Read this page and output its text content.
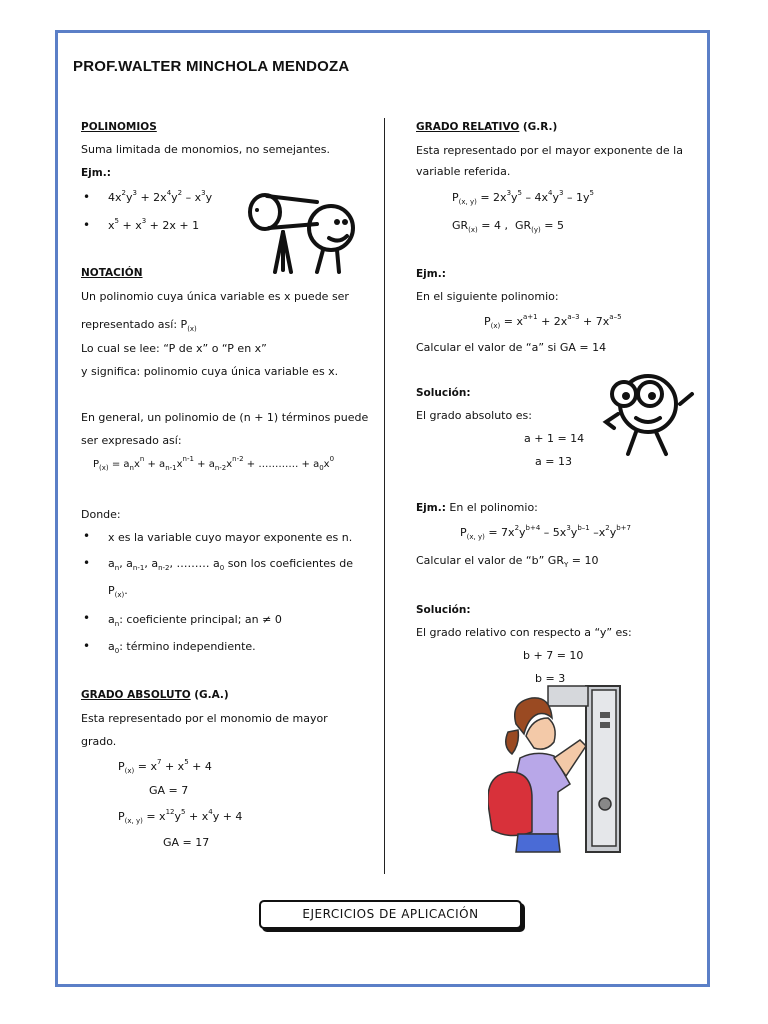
PROF.WALTER MINCHOLA MENDOZA
POLINOMIOS
Suma limitada de monomios, no semejantes.
Ejm.:
• $4x^2y^3 + 2x^4y^2 - x^3y$
• $x^5 + x^3 + 2x + 1$
NOTACIÓN
Un polinomio cuya única variable es x puede ser
representado así: $P_{(x)}$
Lo cual se lee: “P de x” o “P en x”
y significa: polinomio cuya única variable es x.
En general, un polinomio de (n + 1) términos puede
ser expresado así:
$P_{(x)} = a_nx^n + a_{n-1}x^{n-1} + a_{n-2}x^{n-2}$ + ………… + $a_0x^0$
Donde:
• x es la variable cuyo mayor exponente es n.
• $a_n$, $a_{n-1}$, $a_{n-2}$, ……… $a_0$ son los coeficientes de
$P_{(x)}$.
• $a_n$: coeficiente principal; an ≠ 0
• $a_0$: término independiente.
GRADO ABSOLUTO (G.A.)
Esta representado por el monomio de mayor
grado.
$P_{(x)} = x^7 + x^5 + 4$
GA = 7
$P_{(x, y)} = x^{12}y^5 + x^4y + 4$
GA = 17
GRADO RELATIVO (G.R.)
Esta representado por el mayor exponente de la
variable referida.
$P_{(x, y)} = 2x^3y^5 - 4x^4y^3 - 1y^5$
$GR_{(x)} = 4$ ,  $GR_{(y)} = 5$
Ejm.:
En el siguiente polinomio:
$P_{(x)} = x^{a+1} + 2x^{a-3} + 7x^{a-5}$
Calcular el valor de “a” si GA = 14
Solución:
El grado absoluto es:
a + 1 = 14
a = 13
Ejm.: En el polinomio:
$P_{(x, y)} = 7x^2y^{b+4} - 5x^3y^{b-1}$ $-x^2y^{b+7}$
Calcular el valor de “b” $GR_Y = 10$
Solución:
El grado relativo con respecto a “y” es:
b + 7 = 10
b = 3
EJERCICIOS DE APLICACIÓN
